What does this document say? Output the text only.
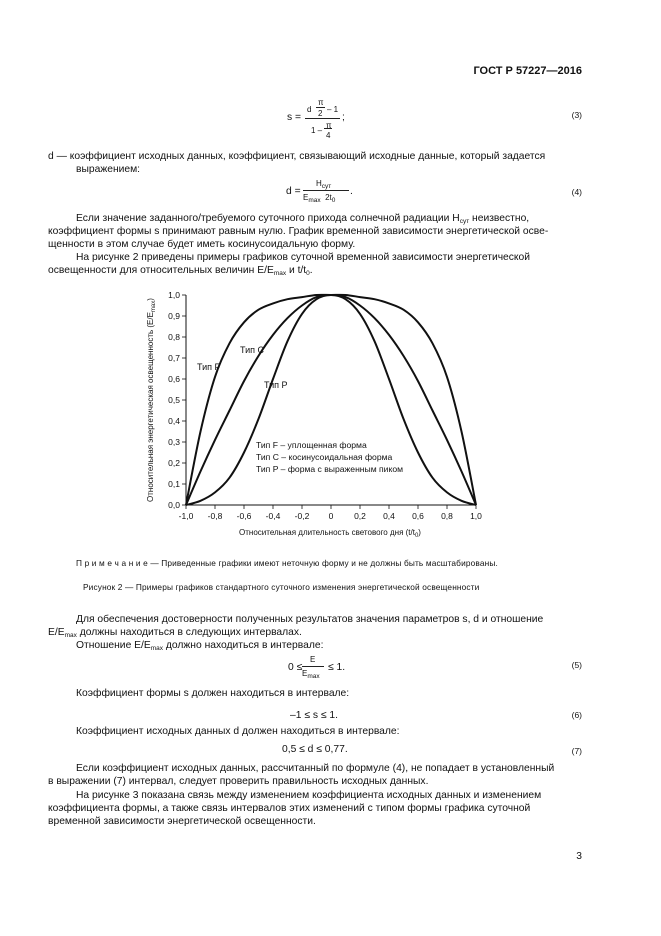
ГОСТ Р 57227—2016
s =
d
π
2 – 1
1 –
π
4
;	(3)
d — коэффициент исходных данных, коэффициент, связывающий исходные данные, который задается
выражением:
d =
$H_{сут}$
$E_{max}$ $2t_0$
.	(4)
Если значение заданного/требуемого суточного прихода солнечной радиации $H_{сут}$ неизвестно,
коэффициент формы s принимают равным нулю. График временной зависимости энергетической осве-
щенности в этом случае будет иметь косинусоидальную форму.
На рисунке 2 приведены примеры графиков суточной временной зависимости энергетической
освещенности для относительных величин $E/E_{max}$ и $t/t_0$.
-1,0 -0,8 -0,6 -0,4 -0,2 0 0,2 0,4 0,6 0,8 1,0
0,0
0,1
0,2
0,3
0,4
0,5
0,6
0,7
0,8
0,9
1,0
Тип F
Тип C
Тип P
Тип F – уплощенная форма
Тип C – косинусоидальная форма
Тип P – форма с выраженным пиком
Относительная длительность светового дня $(t/t_0)$
Относительная энергетическая освещенность $(E/E_{max})$
П р и м е ч а н и е — Приведенные графики имеют неточную форму и не должны быть масштабированы.
Рисунок 2 — Примеры графиков стандартного суточного изменения энергетической освещенности
Для обеспечения достоверности полученных результатов значения параметров s, d и отношение
$E/E_{max}$ должны находиться в следующих интервалах.
Отношение $E/E_{max}$ должно находиться в интервале:
0 ≤
E
$E_{max}$
≤ 1.	(5)
Коэффициент формы s должен находиться в интервале:
–1 ≤ s ≤ 1.	(6)
Коэффициент исходных данных d должен находиться в интервале:
0,5 ≤ d ≤ 0,77.	(7)
Если коэффициент исходных данных, рассчитанный по формуле (4), не попадает в установленный
в выражении (7) интервал, следует проверить правильность исходных данных.
На рисунке 3 показана связь между изменением коэффициента исходных данных и изменением
коэффициента формы, а также связь интервалов этих изменений с типом формы графика суточной
временной зависимости энергетической освещенности.
3
